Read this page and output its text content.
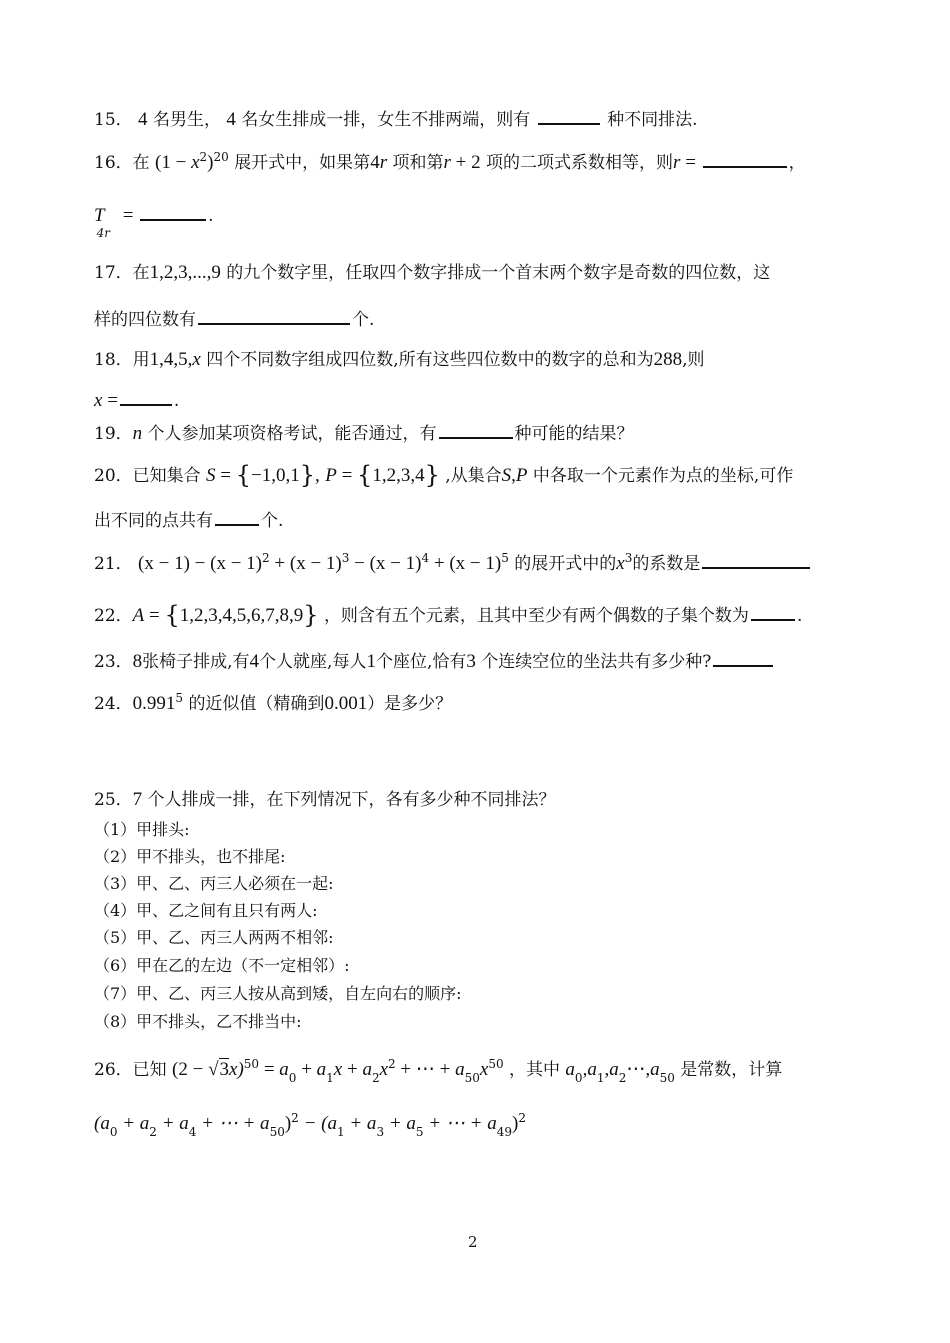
15． 4 名男生， 4 名女生排成一排，女生不排两端，则有	种不同排法.
16．在 $(1 - x^2)^{20}$ 展开式中，如果第4r 项和第r + 2 项的二项式系数相等，则r =	，
$T_{4r}$ =	.
17．在1,2,3,...,9 的九个数字里，任取四个数字排成一个首末两个数字是奇数的四位数，这
样的四位数有	个.
18．用1,4,5,x 四个不同数字组成四位数,所有这些四位数中的数字的总和为288,则
x =	.
19．n 个人参加某项资格考试，能否通过，有	种可能的结果？
20．已知集合 S = {−1,0,1}, P = {1,2,3,4} ,从集合S,P 中各取一个元素作为点的坐标,可作
出不同的点共有	个.
21． $(x - 1) - (x - 1)^2 + (x - 1)^3 - (x - 1)^4 + (x - 1)^5$ 的展开式中的$x^3$的系数是
22．A = {1,2,3,4,5,6,7,8,9} ，则含有五个元素，且其中至少有两个偶数的子集个数为	.
23．8张椅子排成,有4个人就座,每人1个座位,恰有3 个连续空位的坐法共有多少种?
24．0.991$^5$ 的近似值（精确到0.001）是多少？
25．7 个人排成一排，在下列情况下，各有多少种不同排法？
（1）甲排头:
（2）甲不排头，也不排尾:
（3）甲、乙、丙三人必须在一起:
（4）甲、乙之间有且只有两人:
（5）甲、乙、丙三人两两不相邻:
（6）甲在乙的左边（不一定相邻）:
（7）甲、乙、丙三人按从高到矮，自左向右的顺序:
（8）甲不排头，乙不排当中:
26．已知 $(2 - √3x)^{50} = a_0 + a_1x + a_2x^2$ + ⋯ + $a_{50}x^{50}$ ，其中 $a_0,a_1,a_2\cdots,a_{50}$ 是常数，计算
($a_0 + a_2 + a_4$ + ⋯ + $a_{50})^2 - (a_1 + a_3 + a_5$ + ⋯ + $a_{49})^2$
2
